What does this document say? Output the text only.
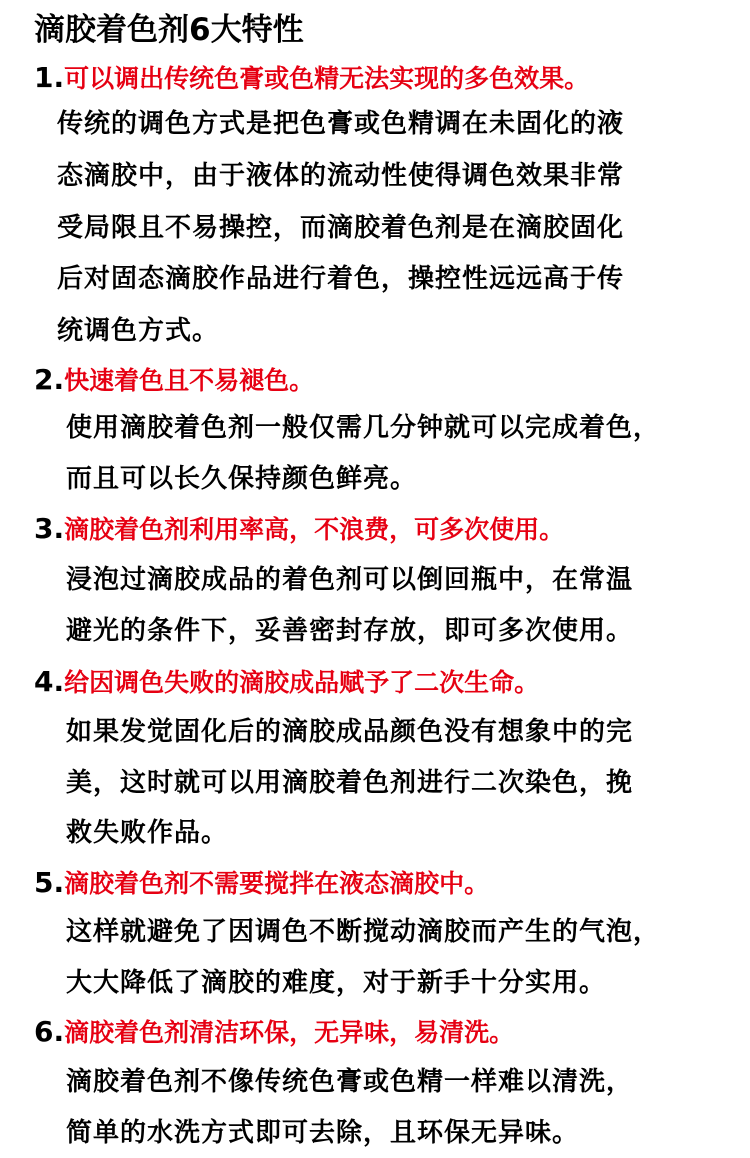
滴胶着色剂6大特性
1.可以调出传统色膏或色精无法实现的多色效果。
传统的调色方式是把色膏或色精调在未固化的液
态滴胶中，由于液体的流动性使得调色效果非常
受局限且不易操控，而滴胶着色剂是在滴胶固化
后对固态滴胶作品进行着色，操控性远远高于传
统调色方式。
2.快速着色且不易褪色。
使用滴胶着色剂一般仅需几分钟就可以完成着色，
而且可以长久保持颜色鲜亮。
3.滴胶着色剂利用率高，不浪费，可多次使用。
浸泡过滴胶成品的着色剂可以倒回瓶中，在常温
避光的条件下，妥善密封存放，即可多次使用。
4.给因调色失败的滴胶成品赋予了二次生命。
如果发觉固化后的滴胶成品颜色没有想象中的完
美，这时就可以用滴胶着色剂进行二次染色，挽
救失败作品。
5.滴胶着色剂不需要搅拌在液态滴胶中。
这样就避免了因调色不断搅动滴胶而产生的气泡，
大大降低了滴胶的难度，对于新手十分实用。
6.滴胶着色剂清洁环保，无异味，易清洗。
滴胶着色剂不像传统色膏或色精一样难以清洗，
简单的水洗方式即可去除，且环保无异味。
